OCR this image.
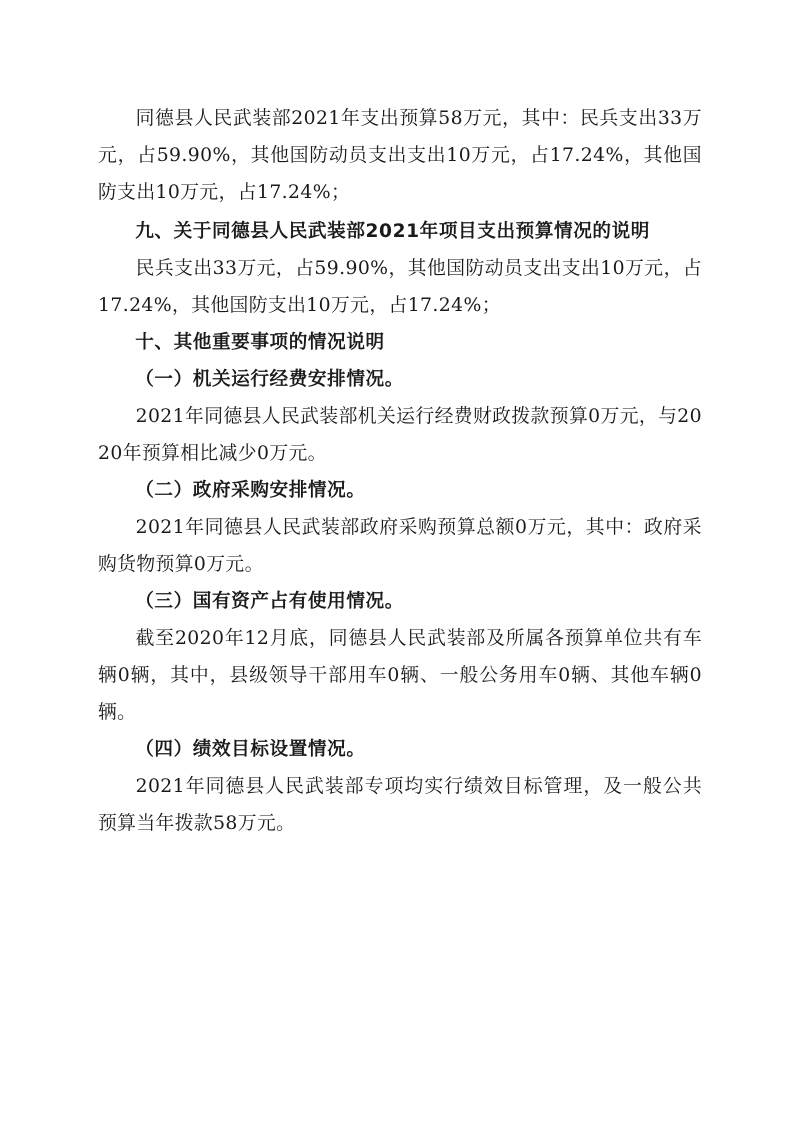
同德县人民武装部2021年支出预算58万元，其中：民兵支出33万元，占59.90%，其他国防动员支出支出10万元，占17.24%，其他国防支出10万元，占17.24%；

九、关于同德县人民武装部2021年项目支出预算情况的说明

民兵支出33万元，占59.90%，其他国防动员支出支出10万元，占17.24%，其他国防支出10万元，占17.24%；

十、其他重要事项的情况说明

（一）机关运行经费安排情况。

2021年同德县人民武装部机关运行经费财政拨款预算0万元，与2020年预算相比减少0万元。

（二）政府采购安排情况。

2021年同德县人民武装部政府采购预算总额0万元，其中：政府采购货物预算0万元。

（三）国有资产占有使用情况。

截至2020年12月底，同德县人民武装部及所属各预算单位共有车辆0辆，其中，县级领导干部用车0辆、一般公务用车0辆、其他车辆0辆。

（四）绩效目标设置情况。

2021年同德县人民武装部专项均实行绩效目标管理，及一般公共预算当年拨款58万元。
